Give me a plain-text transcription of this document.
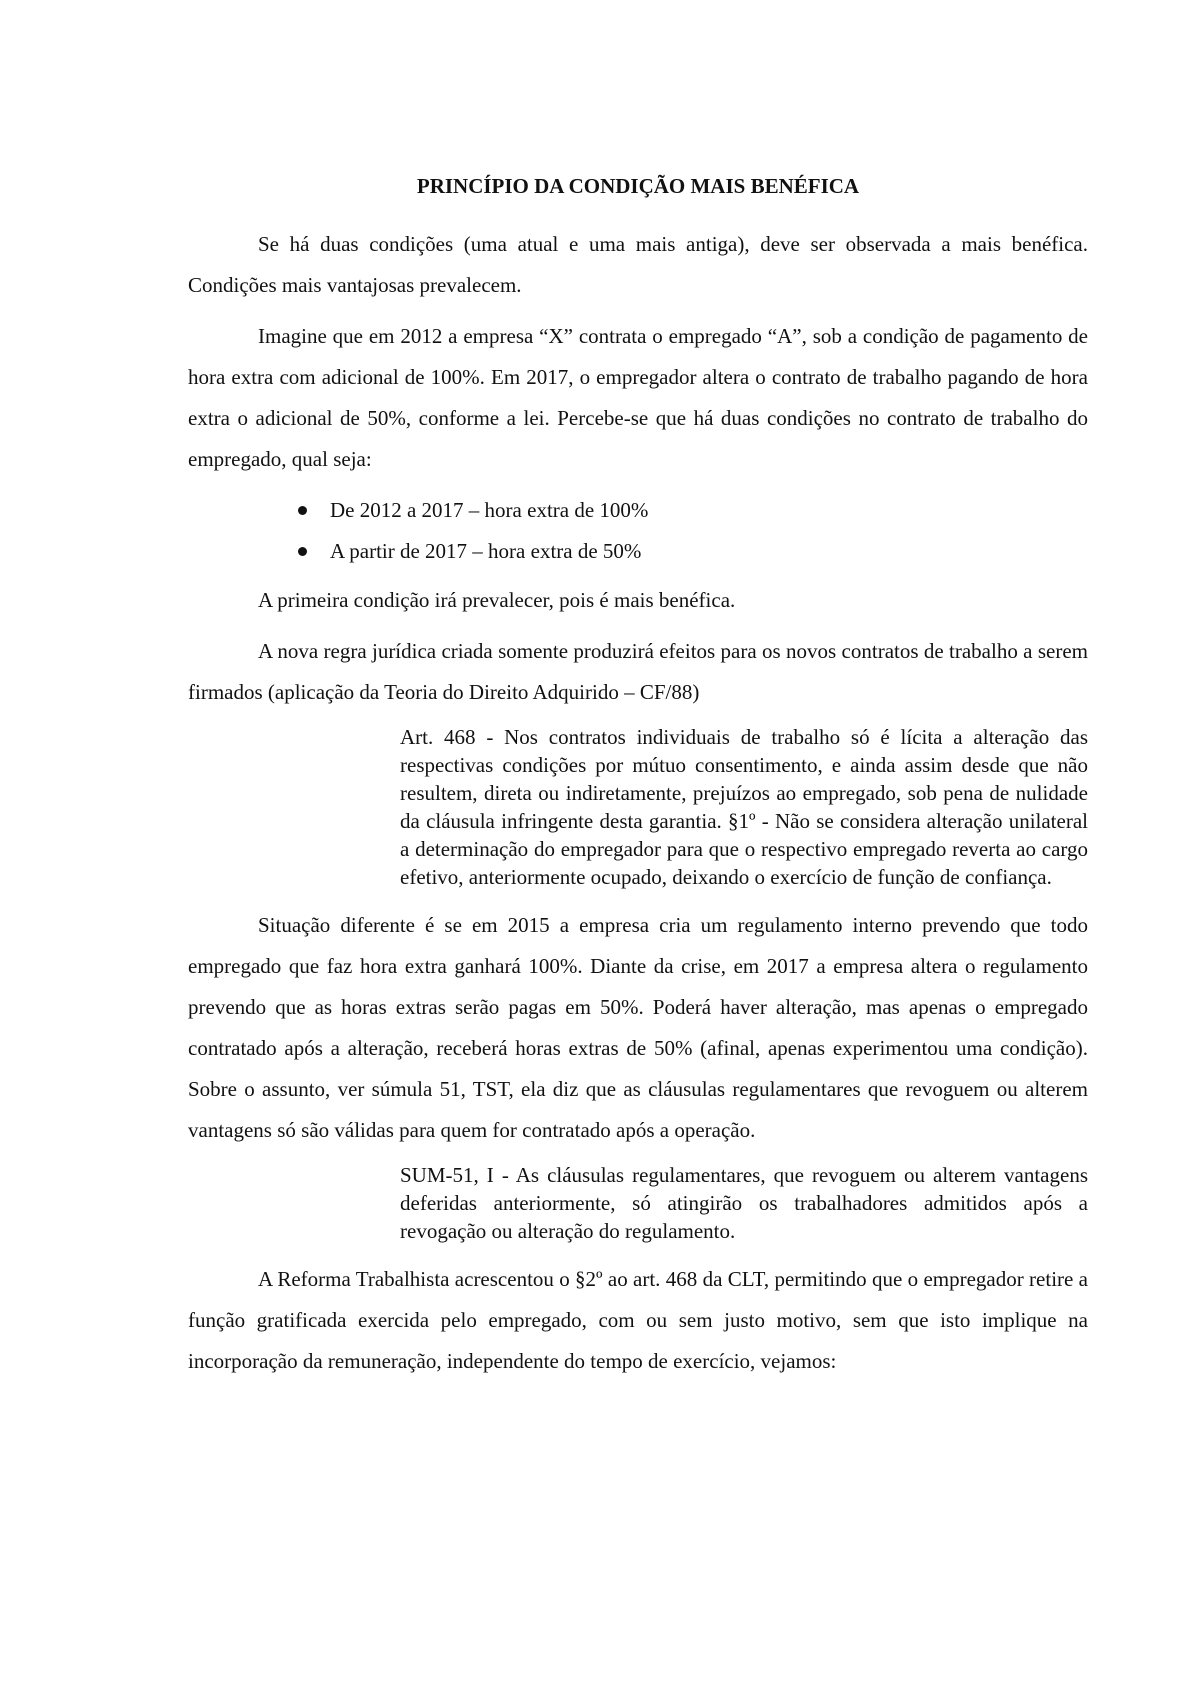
PRINCÍPIO DA CONDIÇÃO MAIS BENÉFICA

Se há duas condições (uma atual e uma mais antiga), deve ser observada a mais benéfica. Condições mais vantajosas prevalecem.

Imagine que em 2012 a empresa “X” contrata o empregado “A”, sob a condição de pagamento de hora extra com adicional de 100%. Em 2017, o empregador altera o contrato de trabalho pagando de hora extra o adicional de 50%, conforme a lei. Percebe-se que há duas condições no contrato de trabalho do empregado, qual seja:

De 2012 a 2017 – hora extra de 100%
A partir de 2017 – hora extra de 50%

A primeira condição irá prevalecer, pois é mais benéfica.

A nova regra jurídica criada somente produzirá efeitos para os novos contratos de trabalho a serem firmados (aplicação da Teoria do Direito Adquirido – CF/88)

Art. 468 - Nos contratos individuais de trabalho só é lícita a alteração das respectivas condições por mútuo consentimento, e ainda assim desde que não resultem, direta ou indiretamente, prejuízos ao empregado, sob pena de nulidade da cláusula infringente desta garantia. §1º - Não se considera alteração unilateral a determinação do empregador para que o respectivo empregado reverta ao cargo efetivo, anteriormente ocupado, deixando o exercício de função de confiança.

Situação diferente é se em 2015 a empresa cria um regulamento interno prevendo que todo empregado que faz hora extra ganhará 100%. Diante da crise, em 2017 a empresa altera o regulamento prevendo que as horas extras serão pagas em 50%. Poderá haver alteração, mas apenas o empregado contratado após a alteração, receberá horas extras de 50% (afinal, apenas experimentou uma condição). Sobre o assunto, ver súmula 51, TST, ela diz que as cláusulas regulamentares que revoguem ou alterem vantagens só são válidas para quem for contratado após a operação.

SUM-51, I - As cláusulas regulamentares, que revoguem ou alterem vantagens deferidas anteriormente, só atingirão os trabalhadores admitidos após a revogação ou alteração do regulamento.

A Reforma Trabalhista acrescentou o §2º ao art. 468 da CLT, permitindo que o empregador retire a função gratificada exercida pelo empregado, com ou sem justo motivo, sem que isto implique na incorporação da remuneração, independente do tempo de exercício, vejamos:
